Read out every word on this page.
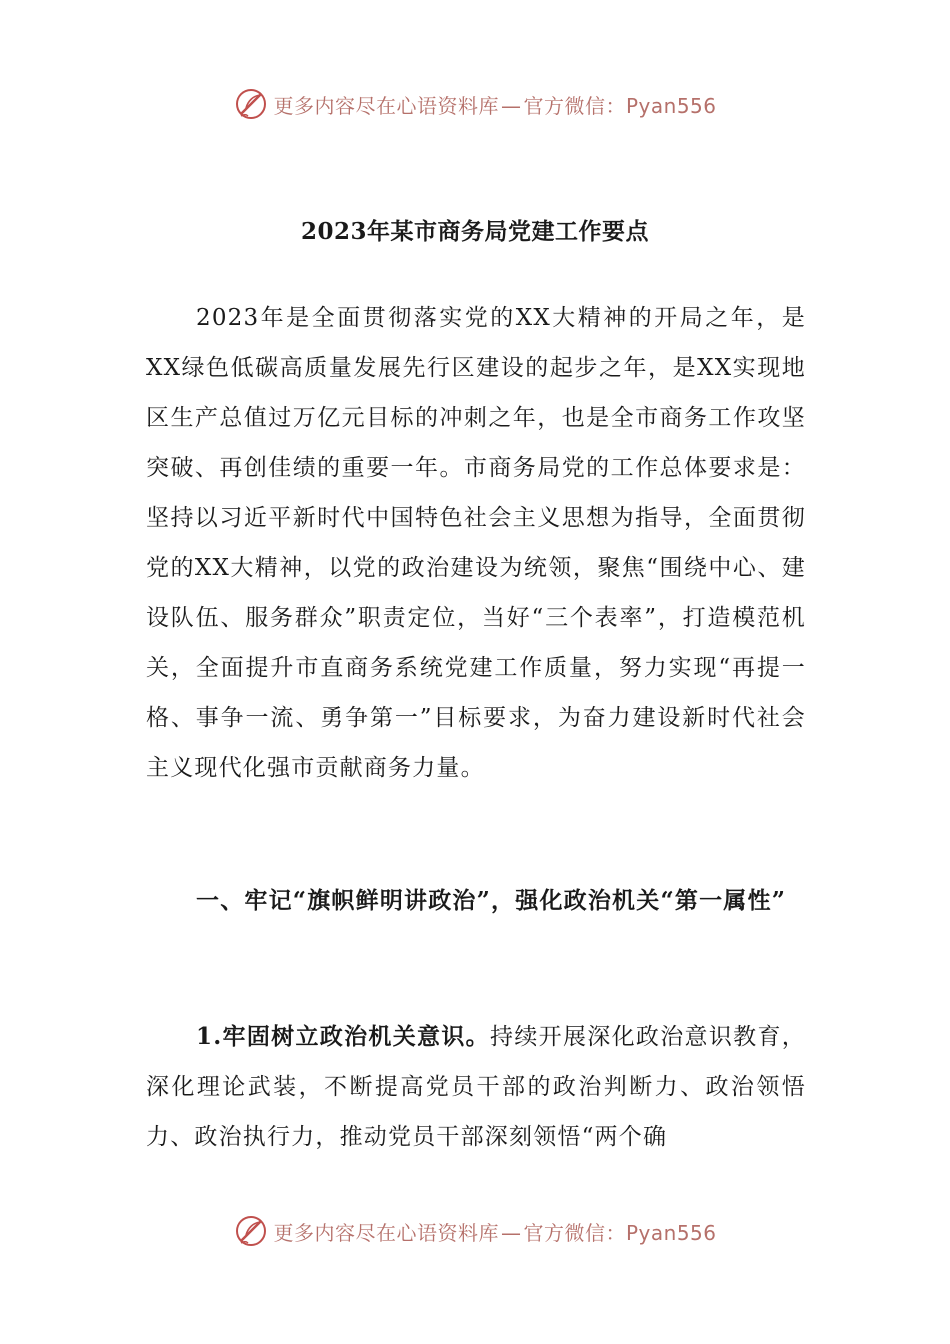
更多内容尽在心语资料库 — 官方微信：Pyan556
2023年某市商务局党建工作要点

2023年是全面贯彻落实党的XX大精神的开局之年，是XX绿色低碳高质量发展先行区建设的起步之年，是XX实现地区生产总值过万亿元目标的冲刺之年，也是全市商务工作攻坚突破、再创佳绩的重要一年。市商务局党的工作总体要求是：坚持以习近平新时代中国特色社会主义思想为指导，全面贯彻党的XX大精神，以党的政治建设为统领，聚焦“围绕中心、建设队伍、服务群众”职责定位，当好“三个表率”，打造模范机关，全面提升市直商务系统党建工作质量，努力实现“再提一格、事争一流、勇争第一”目标要求，为奋力建设新时代社会主义现代化强市贡献商务力量。

一、牢记“旗帜鲜明讲政治”，强化政治机关“第一属性”

1.牢固树立政治机关意识。持续开展深化政治意识教育，深化理论武装，不断提高党员干部的政治判断力、政治领悟力、政治执行力，推动党员干部深刻领悟“两个确

更多内容尽在心语资料库 — 官方微信：Pyan556
